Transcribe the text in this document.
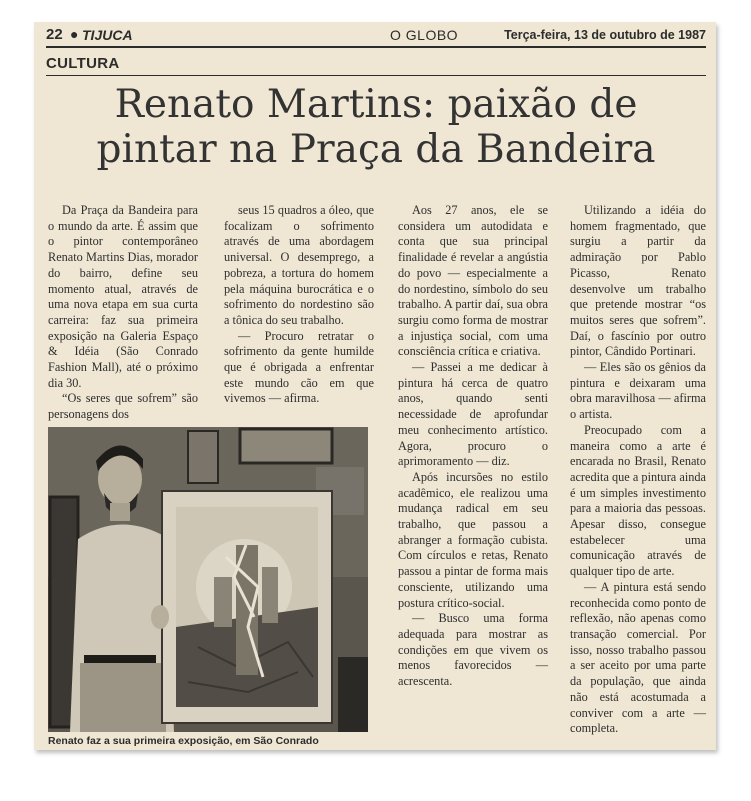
22 ● TIJUCA	O GLOBO	Terça-feira, 13 de outubro de 1987
CULTURA
Renato Martins: paixão de
pintar na Praça da Bandeira

Da Praça da Bandeira para o mundo da arte. É assim que o pintor contemporâneo Renato Martins Dias, morador do bairro, define seu momento atual, através de uma nova etapa em sua curta carreira: faz sua primeira exposição na Galeria Espaço & Idéia (São Conrado Fashion Mall), até o próximo dia 30.

“Os seres que sofrem” são personagens dos

seus 15 quadros a óleo, que focalizam o sofrimento através de uma abordagem universal. O desemprego, a pobreza, a tortura do homem pela máquina burocrática e o sofrimento do nordestino são a tônica do seu trabalho.

— Procuro retratar o sofrimento da gente humilde que é obrigada a enfrentar este mundo cão em que vivemos — afirma.

Aos 27 anos, ele se considera um autodidata e conta que sua principal finalidade é revelar a angústia do povo — especialmente a do nordestino, símbolo do seu trabalho. A partir daí, sua obra surgiu como forma de mostrar a injustiça social, com uma consciência crítica e criativa.

— Passei a me dedicar à pintura há cerca de quatro anos, quando senti necessidade de aprofundar meu conhecimento artístico. Agora, procuro o aprimoramento — diz.

Após incursões no estilo acadêmico, ele realizou uma mudança radical em seu trabalho, que passou a abranger a formação cubista. Com círculos e retas, Renato passou a pintar de forma mais consciente, utilizando uma postura crítico-social.

— Busco uma forma adequada para mostrar as condições em que vivem os menos favorecidos — acrescenta.

Utilizando a idéia do homem fragmentado, que surgiu a partir da admiração por Pablo Picasso, Renato desenvolve um trabalho que pretende mostrar “os muitos seres que sofrem”. Daí, o fascínio por outro pintor, Cândido Portinari.

— Eles são os gênios da pintura e deixaram uma obra maravilhosa — afirma o artista.

Preocupado com a maneira como a arte é encarada no Brasil, Renato acredita que a pintura ainda é um simples investimento para a maioria das pessoas. Apesar disso, consegue estabelecer uma comunicação através de qualquer tipo de arte.

— A pintura está sendo reconhecida como ponto de reflexão, não apenas como transação comercial. Por isso, nosso trabalho passou a ser aceito por uma parte da população, que ainda não está acostumada a conviver com a arte — completa.

Renato faz a sua primeira exposição, em São Conrado
